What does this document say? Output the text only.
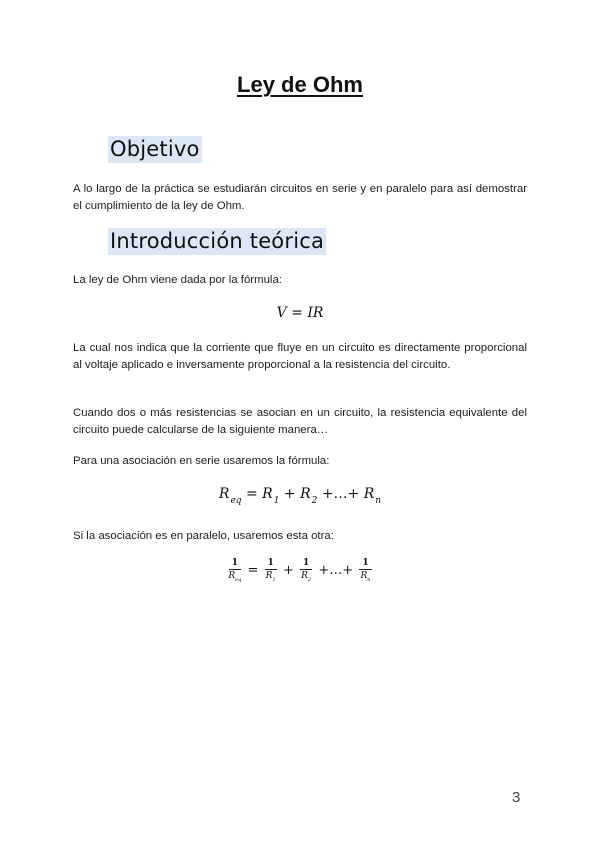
Ley de Ohm
Objetivo
A lo largo de la práctica se estudiarán circuitos en serie y en paralelo para así demostrar el cumplimiento de la ley de Ohm.
Introducción teórica
La ley de Ohm viene dada por la fórmula:
V = IR
La cual nos indica que la corriente que fluye en un circuito es directamente proporcional al voltaje aplicado e inversamente proporcional a la resistencia del circuito.
Cuando dos o más resistencias se asocian en un circuito, la resistencia equivalente del circuito puede calcularse de la siguiente manera…
Para una asociación en serie usaremos la fórmula:
$R_{eq} = R_1 + R_2$ +…+ $R_n$
Si la asociación es en paralelo, usaremos esta otra:
$\frac{1}{R_{eq}} = \frac{1}{R_1} + \frac{1}{R_2}$ +…+ $\frac{1}{R_n}$
3
